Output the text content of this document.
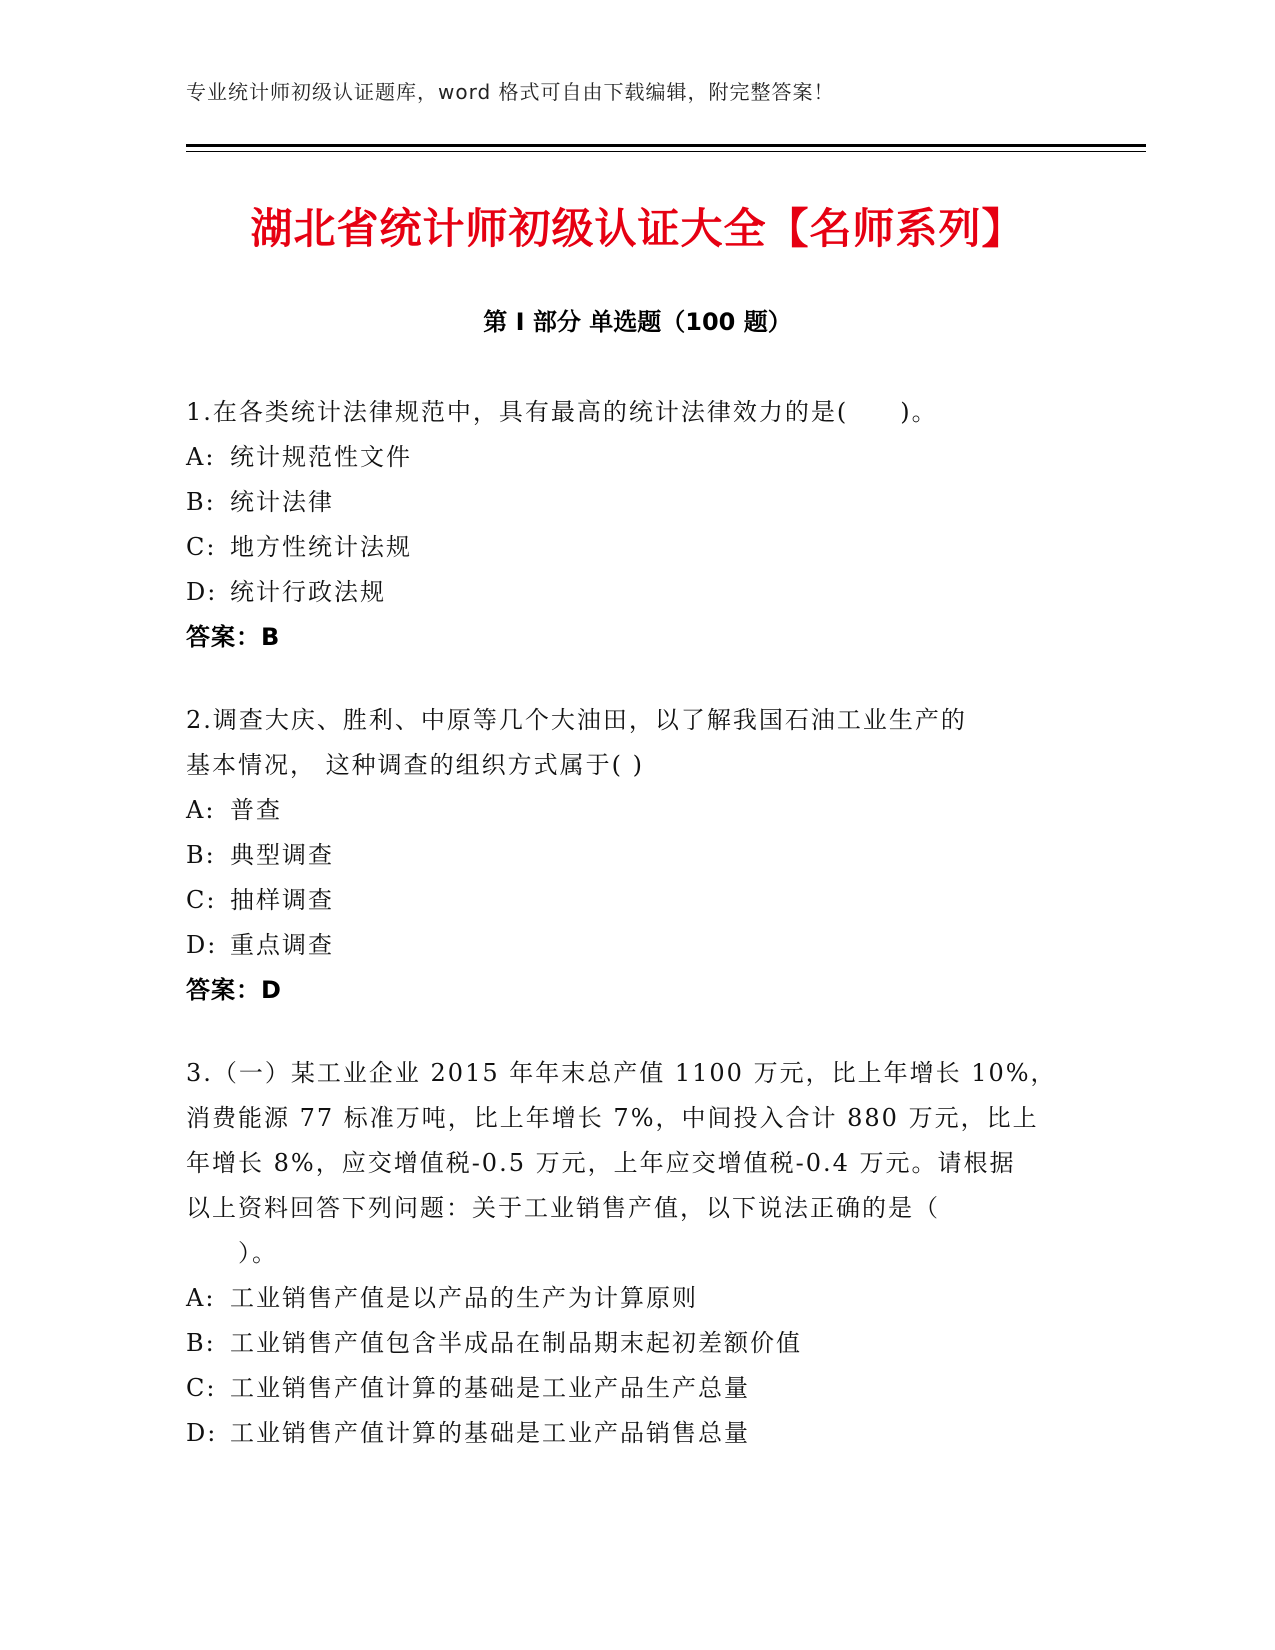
专业统计师初级认证题库，word 格式可自由下载编辑，附完整答案！
湖北省统计师初级认证大全【名师系列】
第 I 部分 单选题（100 题）
1.在各类统计法律规范中，具有最高的统计法律效力的是(　　)。
A: 统计规范性文件
B: 统计法律
C: 地方性统计法规
D: 统计行政法规
答案：B
2.调查大庆、胜利、中原等几个大油田，以了解我国石油工业生产的
基本情况， 这种调查的组织方式属于( )
A: 普查
B: 典型调查
C: 抽样调查
D: 重点调查
答案：D
3.（一）某工业企业 2015 年年末总产值 1100 万元，比上年增长 10%，
消费能源 77 标准万吨，比上年增长 7%，中间投入合计 880 万元，比上
年增长 8%，应交增值税-0.5 万元，上年应交增值税-0.4 万元。请根据
以上资料回答下列问题：关于工业销售产值，以下说法正确的是（
　　）。
A: 工业销售产值是以产品的生产为计算原则
B: 工业销售产值包含半成品在制品期末起初差额价值
C: 工业销售产值计算的基础是工业产品生产总量
D: 工业销售产值计算的基础是工业产品销售总量
